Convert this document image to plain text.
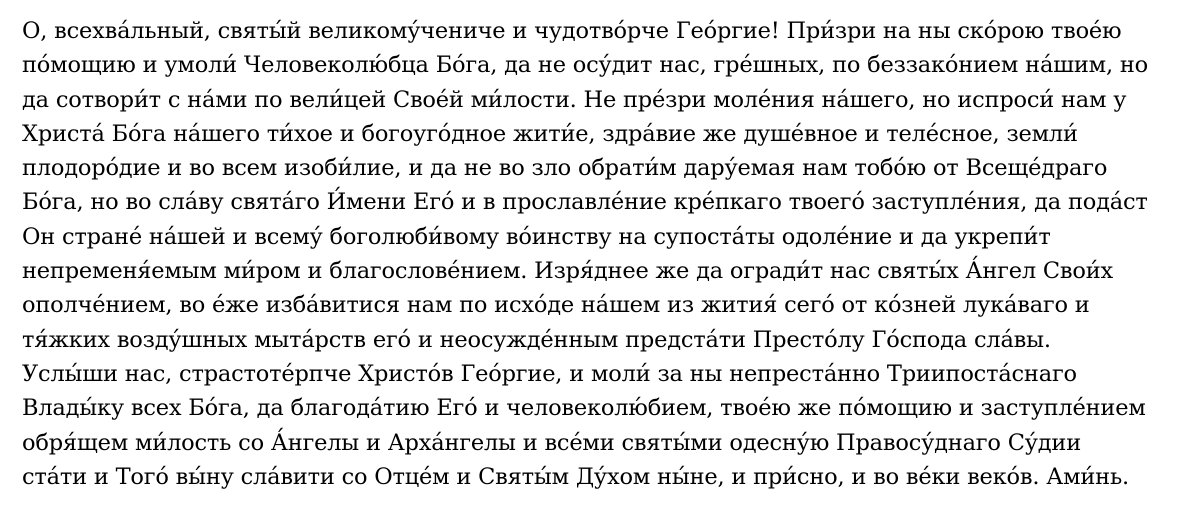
О, всехва́льный, святы́й великому́чениче и чудотво́рче Гео́ргие! При́зри на ны ско́рою твое́ю
по́мощию и умоли́ Человеколю́бца Бо́га, да не осу́дит нас, гре́шных, по беззако́нием на́шим, но
да сотвори́т с на́ми по вели́цей Свое́й ми́лости. Не пре́зри моле́ния на́шего, но испроси́ нам у
Христа́ Бо́га на́шего ти́хое и богоуго́дное жити́е, здра́вие же душе́вное и теле́сное, земли́
плодоро́дие и во всем изоби́лие, и да не во зло обрати́м дару́емая нам тобо́ю от Всеще́драго
Бо́га, но во сла́ву свята́го И́мени Его́ и в прославле́ние кре́пкаго твоего́ заступле́ния, да пода́ст
Он стране́ на́шей и всему́ боголюби́вому во́инству на супоста́ты одоле́ние и да укрепи́т
непременя́емым ми́ром и благослове́нием. Изря́днее же да огради́т нас святы́х А́нгел Свои́х
ополче́нием, во е́же изба́витися нам по исхо́де на́шем из жития́ сего́ от ко́зней лука́ваго и
тя́жких возду́шных мыта́рств его́ и неосужде́нным предста́ти Престо́лу Го́спода сла́вы.
Услы́ши нас, страстоте́рпче Христо́в Гео́ргие, и моли́ за ны непреста́нно Триипоста́снаго
Влады́ку всех Бо́га, да благода́тию Его́ и человеколю́бием, твое́ю же по́мощию и заступле́нием
обря́щем ми́лость со А́нгелы и Арха́нгелы и все́ми святы́ми одесну́ю Правосу́днаго Су́дии
ста́ти и Того́ вы́ну сла́вити со Отце́м и Святы́м Ду́хом ны́не, и при́сно, и во ве́ки веко́в. Ами́нь.
